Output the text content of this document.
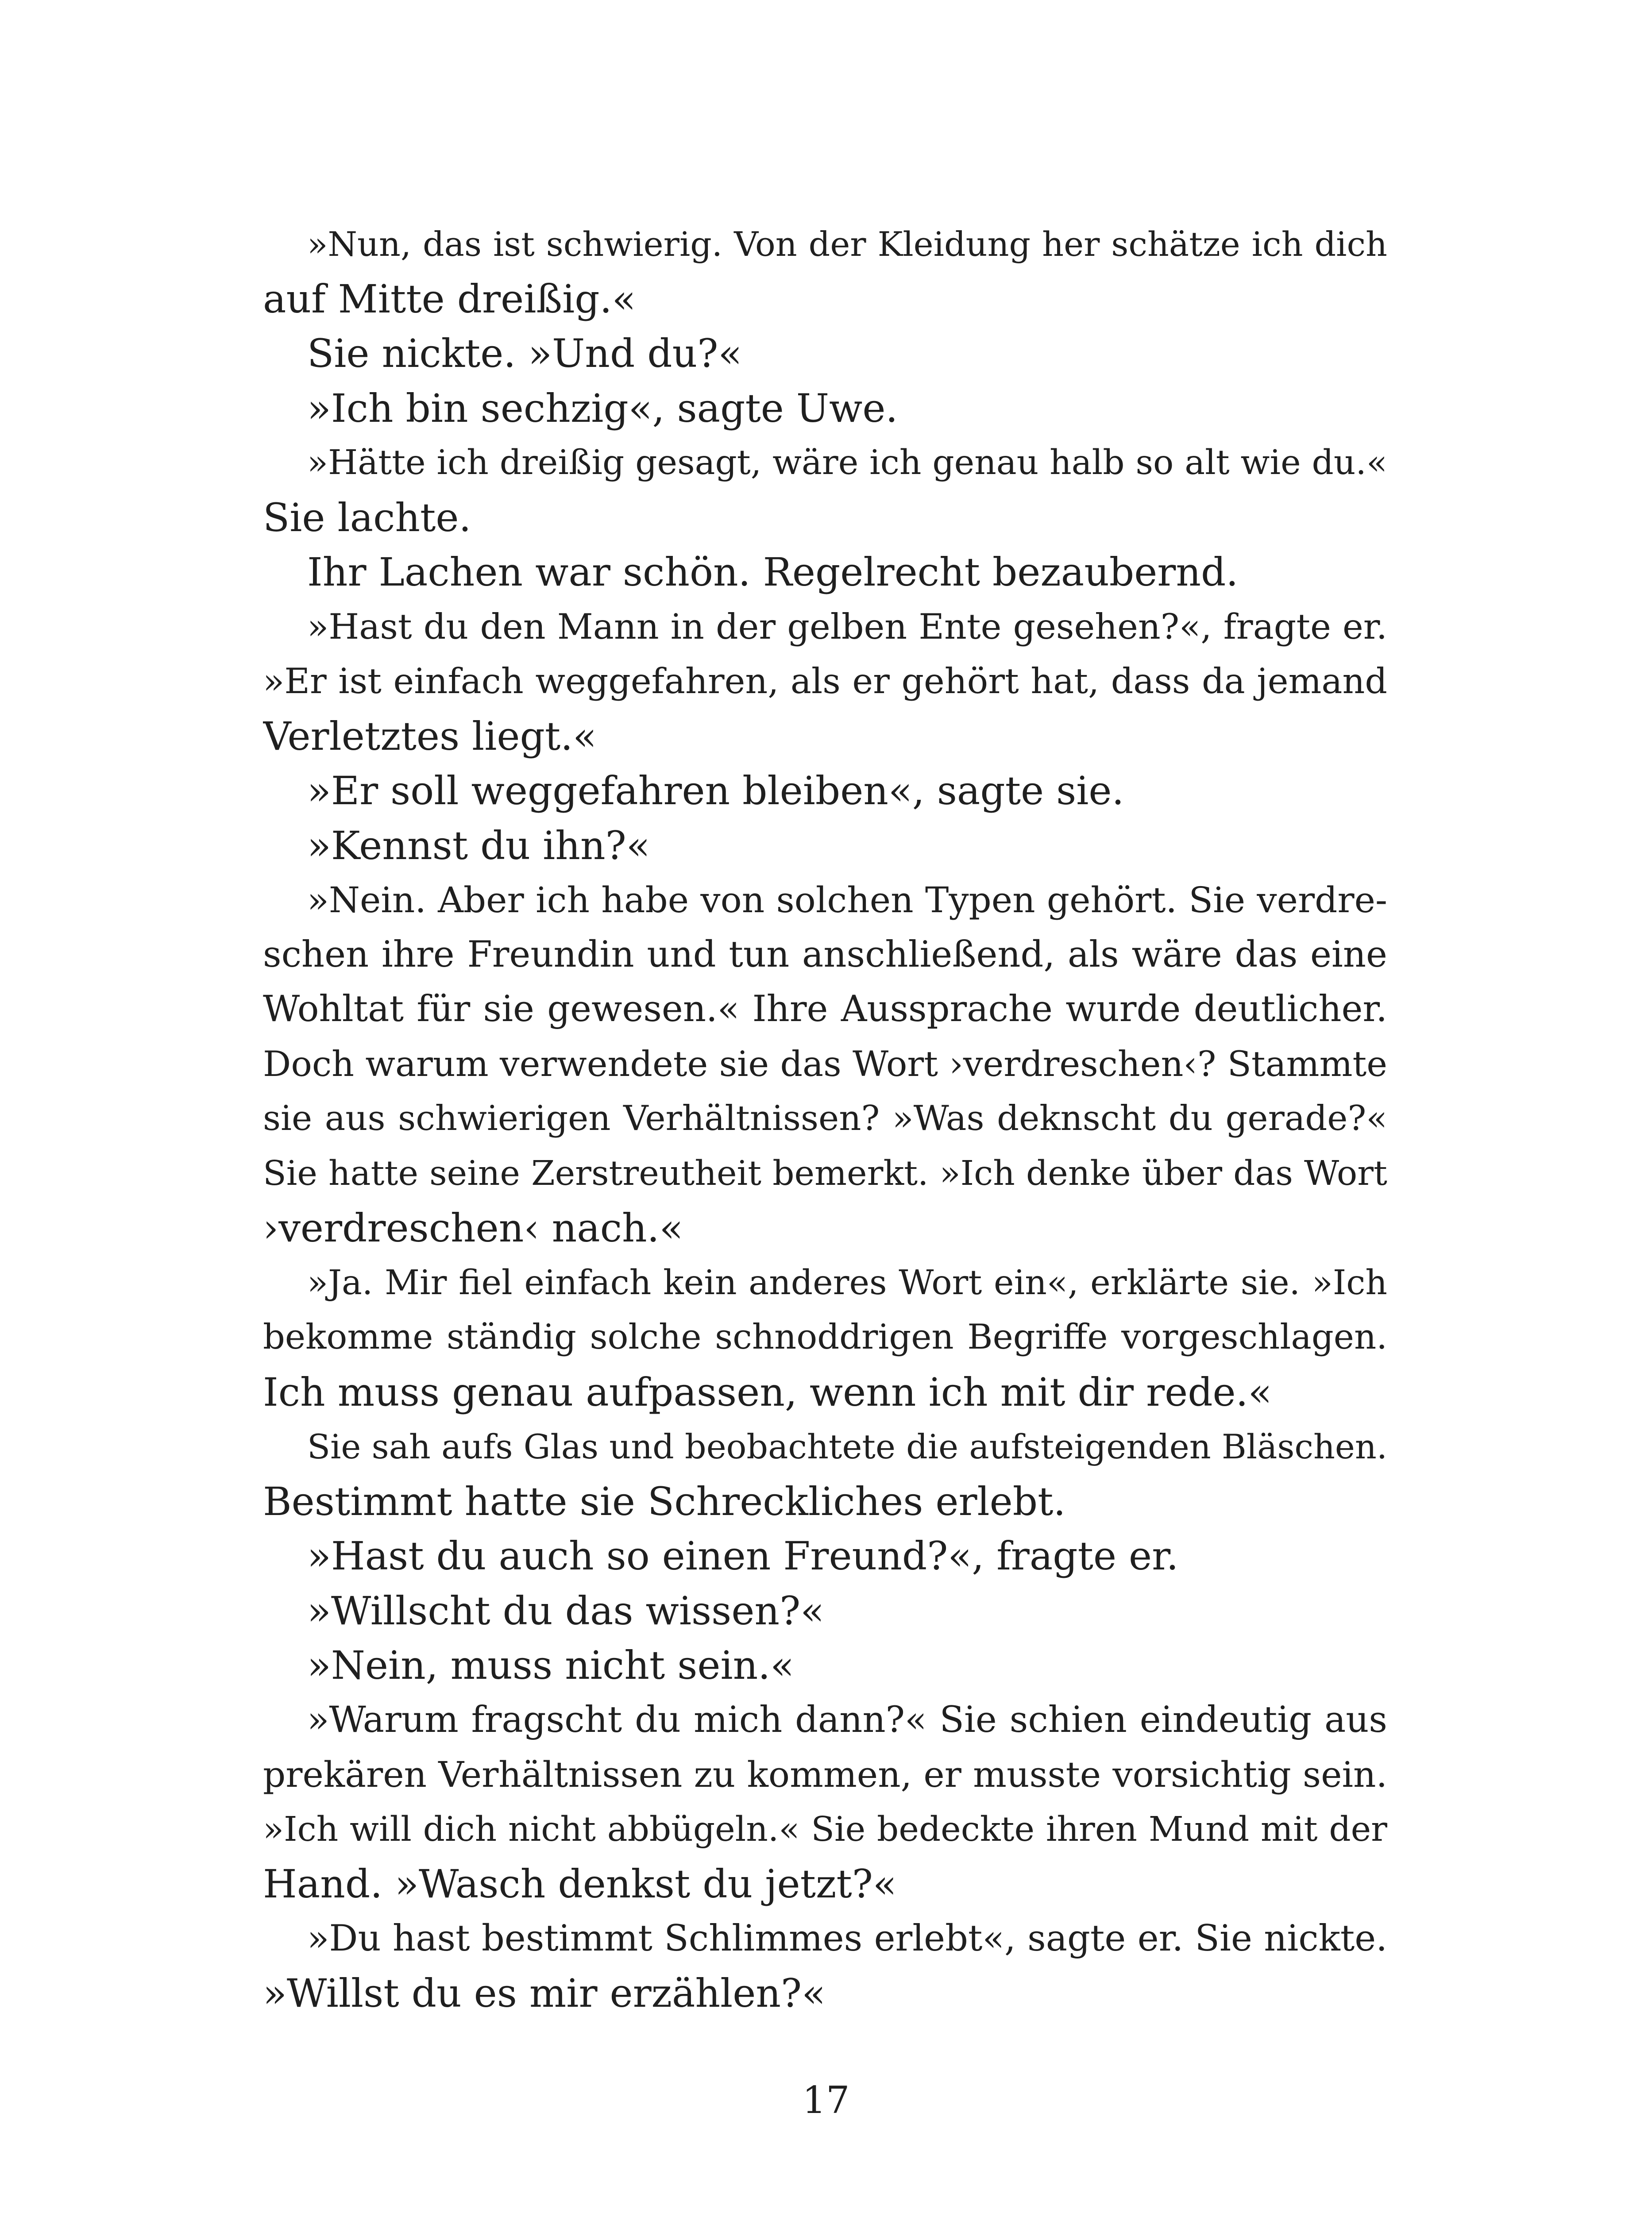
»Nun, das ist schwierig. Von der Kleidung her schätze ich dich
auf Mitte dreißig.«
Sie nickte. »Und du?«
»Ich bin sechzig«, sagte Uwe.
»Hätte ich dreißig gesagt, wäre ich genau halb so alt wie du.«
Sie lachte.
Ihr Lachen war schön. Regelrecht bezaubernd.
»Hast du den Mann in der gelben Ente gesehen?«, fragte er.
»Er ist einfach weggefahren, als er gehört hat, dass da jemand
Verletztes liegt.«
»Er soll weggefahren bleiben«, sagte sie.
»Kennst du ihn?«
»Nein. Aber ich habe von solchen Typen gehört. Sie verdre-
schen ihre Freundin und tun anschließend, als wäre das eine
Wohltat für sie gewesen.« Ihre Aussprache wurde deutlicher.
Doch warum verwendete sie das Wort ›verdreschen‹? Stammte
sie aus schwierigen Verhältnissen? »Was deknscht du gerade?«
Sie hatte seine Zerstreutheit bemerkt. »Ich denke über das Wort
›verdreschen‹ nach.«
»Ja. Mir fiel einfach kein anderes Wort ein«, erklärte sie. »Ich
bekomme ständig solche schnoddrigen Begriffe vorgeschlagen.
Ich muss genau aufpassen, wenn ich mit dir rede.«
Sie sah aufs Glas und beobachtete die aufsteigenden Bläschen.
Bestimmt hatte sie Schreckliches erlebt.
»Hast du auch so einen Freund?«, fragte er.
»Willscht du das wissen?«
»Nein, muss nicht sein.«
»Warum fragscht du mich dann?« Sie schien eindeutig aus
prekären Verhältnissen zu kommen, er musste vorsichtig sein.
»Ich will dich nicht abbügeln.« Sie bedeckte ihren Mund mit der
Hand. »Wasch denkst du jetzt?«
»Du hast bestimmt Schlimmes erlebt«, sagte er. Sie nickte.
»Willst du es mir erzählen?«
17
